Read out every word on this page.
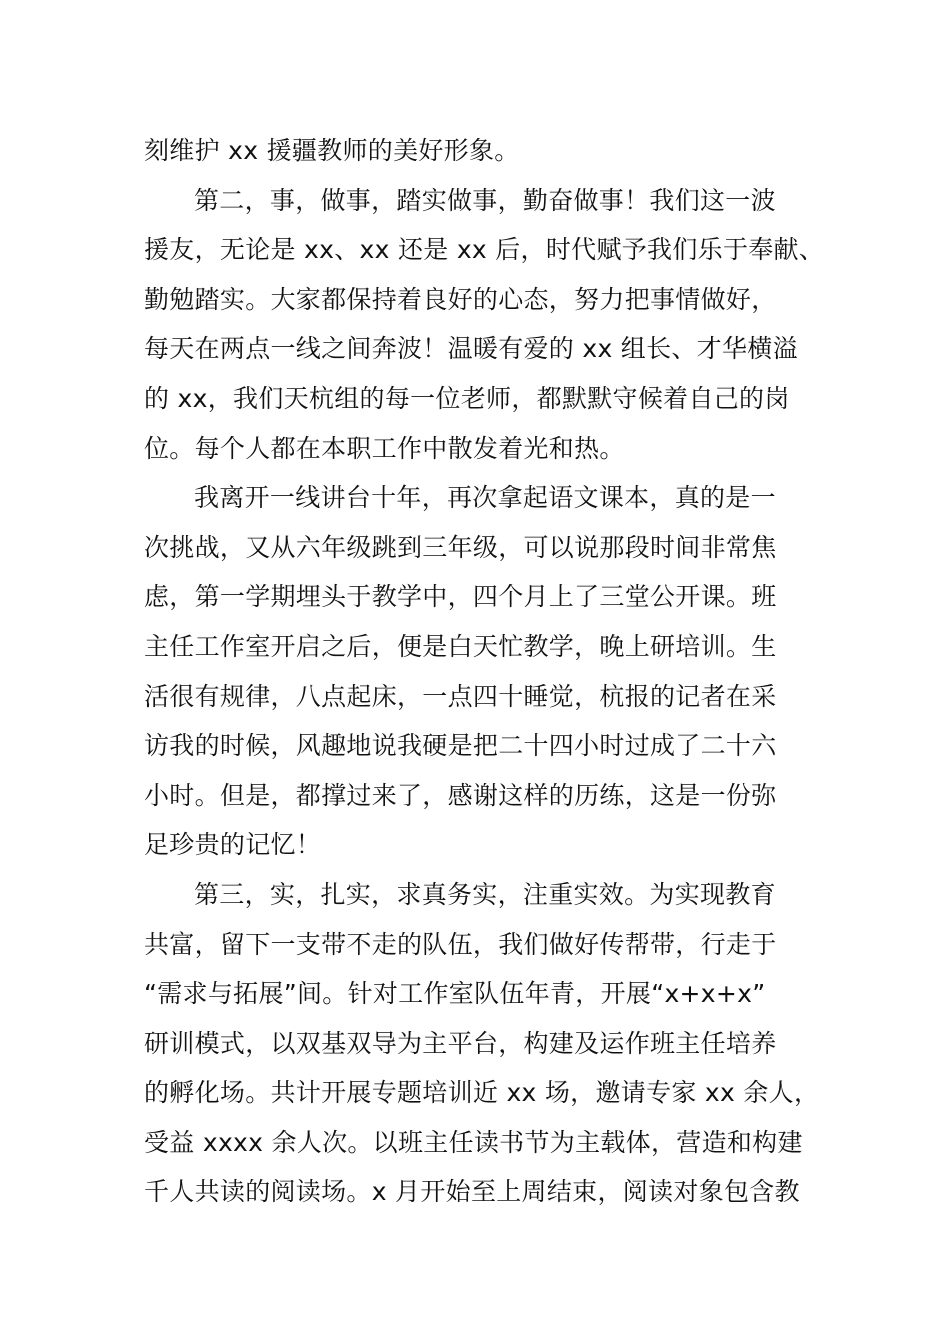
刻维护 xx 援疆教师的美好形象。
第二，事，做事，踏实做事，勤奋做事！我们这一波
援友，无论是 xx、xx 还是 xx 后，时代赋予我们乐于奉献、
勤勉踏实。大家都保持着良好的心态，努力把事情做好，
每天在两点一线之间奔波！温暖有爱的 xx 组长、才华横溢
的 xx，我们天杭组的每一位老师，都默默守候着自己的岗
位。每个人都在本职工作中散发着光和热。
我离开一线讲台十年，再次拿起语文课本，真的是一
次挑战，又从六年级跳到三年级，可以说那段时间非常焦
虑，第一学期埋头于教学中，四个月上了三堂公开课。班
主任工作室开启之后，便是白天忙教学，晚上研培训。生
活很有规律，八点起床，一点四十睡觉，杭报的记者在采
访我的时候，风趣地说我硬是把二十四小时过成了二十六
小时。但是，都撑过来了，感谢这样的历练，这是一份弥
足珍贵的记忆！
第三，实，扎实，求真务实，注重实效。为实现教育
共富，留下一支带不走的队伍，我们做好传帮带，行走于
“需求与拓展”间。针对工作室队伍年青，开展“x+x+x”
研训模式，以双基双导为主平台，构建及运作班主任培养
的孵化场。共计开展专题培训近 xx 场，邀请专家 xx 余人，
受益 xxxx 余人次。以班主任读书节为主载体，营造和构建
千人共读的阅读场。x 月开始至上周结束，阅读对象包含教
